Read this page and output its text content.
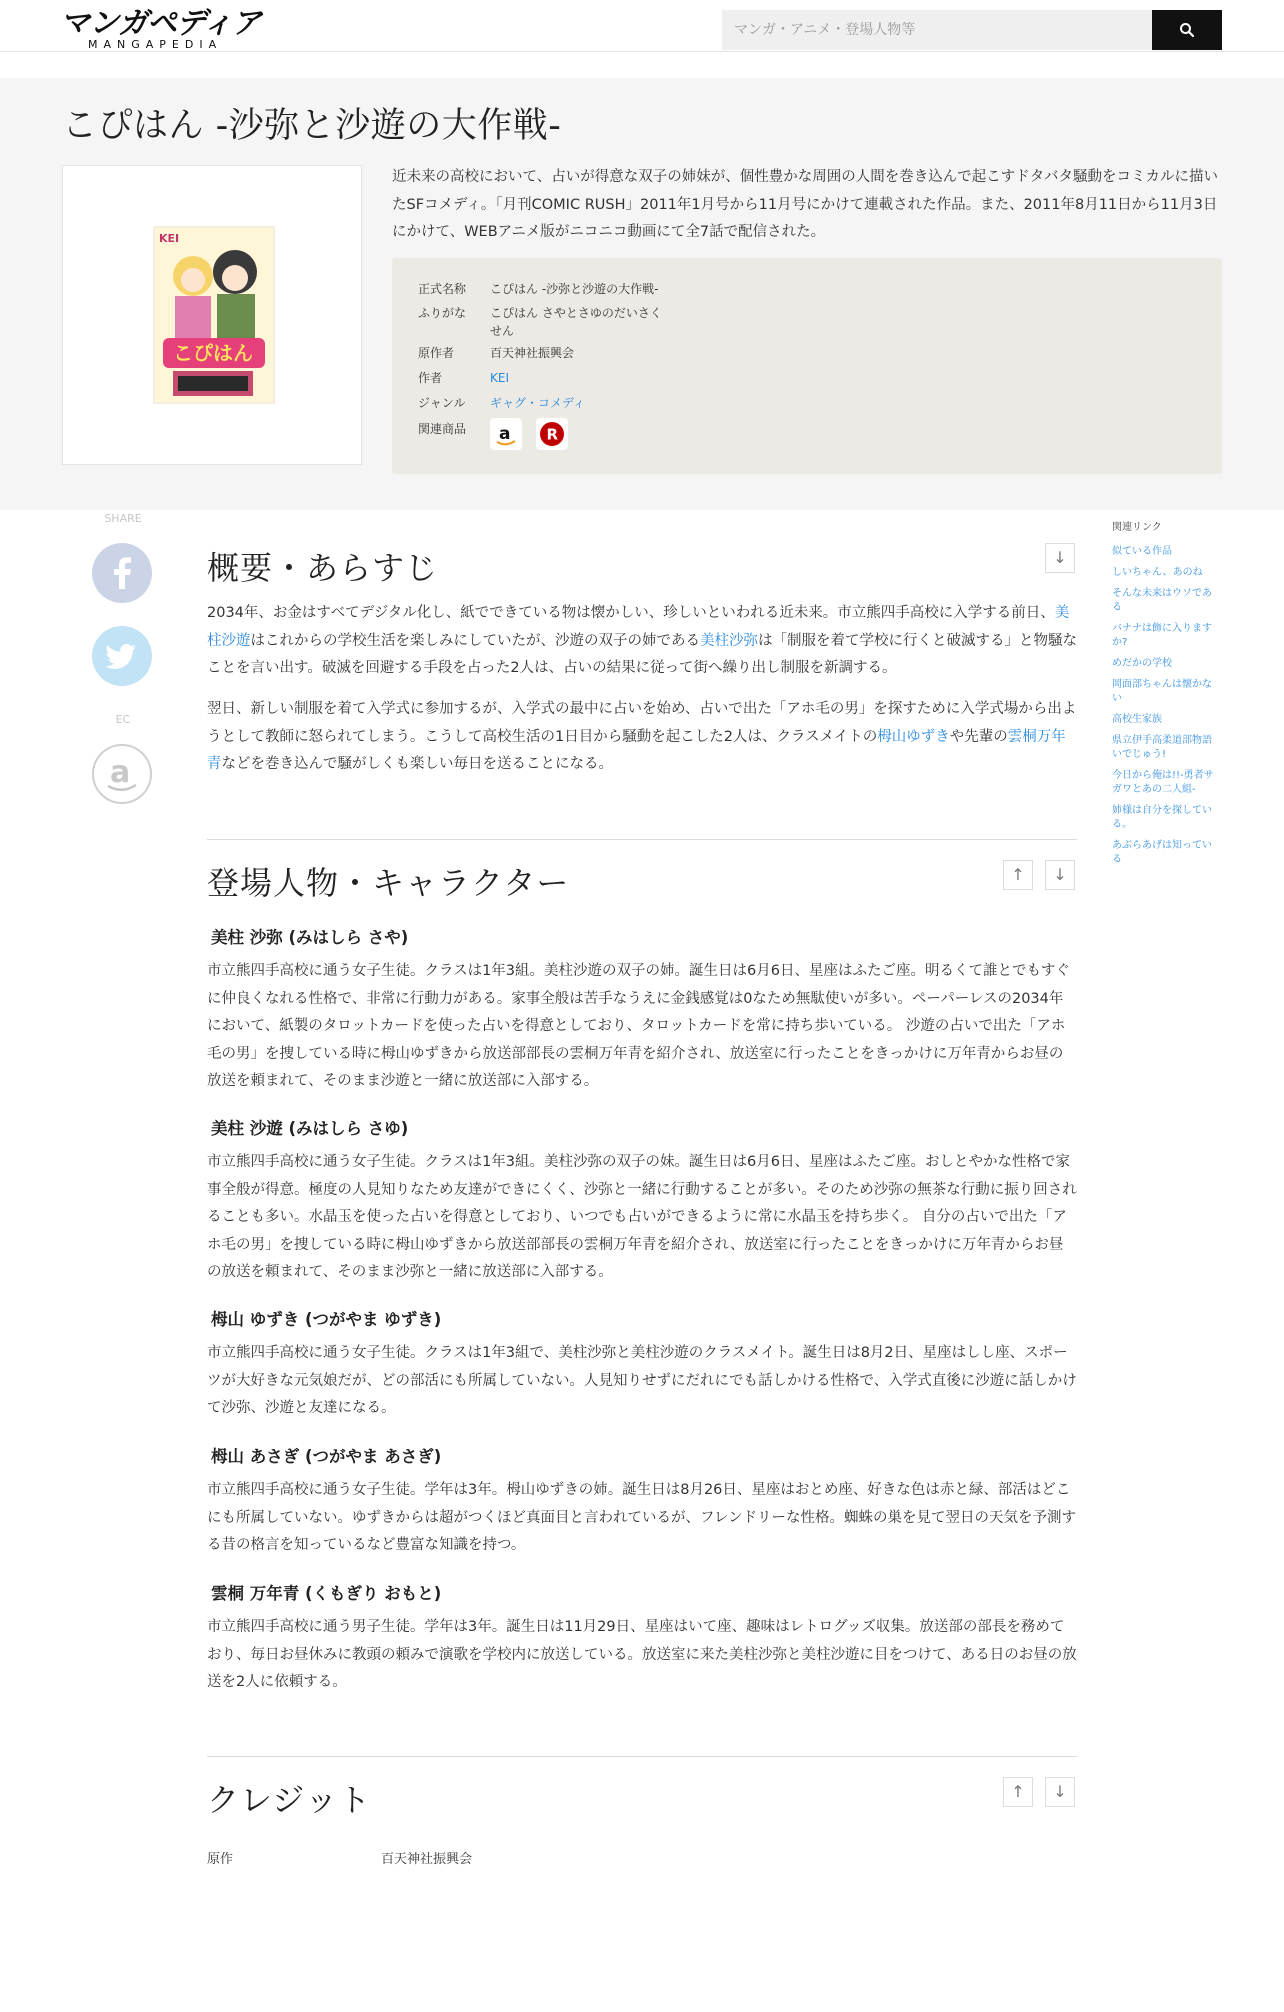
マンガペディア
MANGAPEDIA
マンガ・アニメ・登場人物等
こぴはん -沙弥と沙遊の大作戦-
KEI
こぴはん

近未来の高校において、占いが得意な双子の姉妹が、個性豊かな周囲の人間を巻き込んで起こすドタバタ騒動をコミカルに描いたSFコメディ。「月刊COMIC RUSH」2011年1月号から11月号にかけて連載された作品。また、2011年8月11日から11月3日にかけて、WEBアニメ版がニコニコ動画にて全7話で配信された。

正式名称	こぴはん -沙弥と沙遊の大作戦-
ふりがな	こぴはん さやとさゆのだいさくせん
原作者	百天神社振興会
作者	KEI
ジャンル	ギャグ・コメディ
関連商品	a
R
SHARE
EC
a
概要・あらすじ	↓

2034年、お金はすべてデジタル化し、紙でできている物は懐かしい、珍しいといわれる近未来。市立熊四手高校に入学する前日、美柱沙遊はこれからの学校生活を楽しみにしていたが、沙遊の双子の姉である美柱沙弥は「制服を着て学校に行くと破滅する」と物騒なことを言い出す。破滅を回避する手段を占った2人は、占いの結果に従って街へ繰り出し制服を新調する。

翌日、新しい制服を着て入学式に参加するが、入学式の最中に占いを始め、占いで出た「アホ毛の男」を探すために入学式場から出ようとして教師に怒られてしまう。こうして高校生活の1日目から騒動を起こした2人は、クラスメイトの栂山ゆずきや先輩の雲桐万年青などを巻き込んで騒がしくも楽しい毎日を送ることになる。

登場人物・キャラクター	↑	↓
美柱 沙弥 (みはしら さや)

市立熊四手高校に通う女子生徒。クラスは1年3組。美柱沙遊の双子の姉。誕生日は6月6日、星座はふたご座。明るくて誰とでもすぐに仲良くなれる性格で、非常に行動力がある。家事全般は苦手なうえに金銭感覚は0なため無駄使いが多い。ペーパーレスの2034年において、紙製のタロットカードを使った占いを得意としており、タロットカードを常に持ち歩いている。 沙遊の占いで出た「アホ毛の男」を捜している時に栂山ゆずきから放送部部長の雲桐万年青を紹介され、放送室に行ったことをきっかけに万年青からお昼の放送を頼まれて、そのまま沙遊と一緒に放送部に入部する。

美柱 沙遊 (みはしら さゆ)

市立熊四手高校に通う女子生徒。クラスは1年3組。美柱沙弥の双子の妹。誕生日は6月6日、星座はふたご座。おしとやかな性格で家事全般が得意。極度の人見知りなため友達ができにくく、沙弥と一緒に行動することが多い。そのため沙弥の無茶な行動に振り回されることも多い。水晶玉を使った占いを得意としており、いつでも占いができるように常に水晶玉を持ち歩く。 自分の占いで出た「アホ毛の男」を捜している時に栂山ゆずきから放送部部長の雲桐万年青を紹介され、放送室に行ったことをきっかけに万年青からお昼の放送を頼まれて、そのまま沙弥と一緒に放送部に入部する。

栂山 ゆずき (つがやま ゆずき)

市立熊四手高校に通う女子生徒。クラスは1年3組で、美柱沙弥と美柱沙遊のクラスメイト。誕生日は8月2日、星座はしし座、スポーツが大好きな元気娘だが、どの部活にも所属していない。人見知りせずにだれにでも話しかける性格で、入学式直後に沙遊に話しかけて沙弥、沙遊と友達になる。

栂山 あさぎ (つがやま あさぎ)

市立熊四手高校に通う女子生徒。学年は3年。栂山ゆずきの姉。誕生日は8月26日、星座はおとめ座、好きな色は赤と緑、部活はどこにも所属していない。ゆずきからは超がつくほど真面目と言われているが、フレンドリーな性格。蜘蛛の巣を見て翌日の天気を予測する昔の格言を知っているなど豊富な知識を持つ。

雲桐 万年青 (くもぎり おもと)

市立熊四手高校に通う男子生徒。学年は3年。誕生日は11月29日、星座はいて座、趣味はレトログッズ収集。放送部の部長を務めており、毎日お昼休みに教頭の頼みで演歌を学校内に放送している。放送室に来た美柱沙弥と美柱沙遊に目をつけて、ある日のお昼の放送を2人に依頼する。

クレジット	↑	↓
原作	百天神社振興会
関連リンク
似ている作品
しいちゃん、あのね
そんな未来はウソである
バナナは飾に入りますか?
めだかの学校
岡面部ちゃんは懐かない
高校生家族
県立伊手高柔道部物語 いでじゅう!
今日から俺は!!-勇者サガワとあの二人組-
姉様は自分を探している。
あぶらあげは知っている
